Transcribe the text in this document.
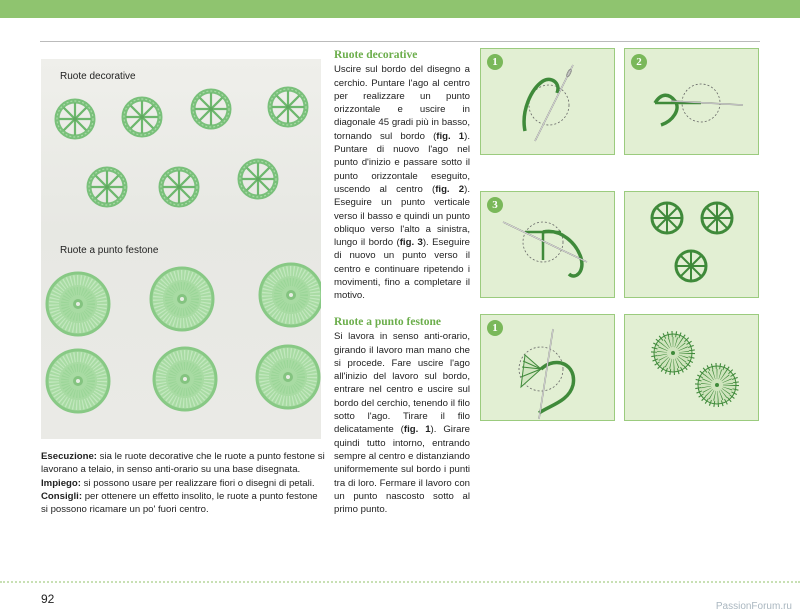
Ruote decorative
Ruote a punto festone
Esecuzione: sia le ruote decorative che le ruote a punto festone si lavorano a telaio, in senso anti-orario su una base disegnata.
Impiego: si possono usare per realizzare fiori o disegni di petali.
Consigli: per ottenere un effetto insolito, le ruote a punto festone si possono ricamare un po' fuori centro.
Ruote decorative
Uscire sul bordo del disegno a cerchio. Puntare l'ago al centro per realizzare un punto orizzontale e uscire in diagonale 45 gradi più in basso, tornando sul bordo (fig. 1). Puntare di nuovo l'ago nel punto d'inizio e passare sotto il punto orizzontale eseguito, uscendo al centro (fig. 2). Eseguire un punto verticale verso il basso e quindi un punto obliquo verso l'alto a sinistra, lungo il bordo (fig. 3). Eseguire di nuovo un punto verso il centro e continuare ripetendo i movimenti, fino a completare il motivo.
Ruote a punto festone
Si lavora in senso anti-orario, girando il lavoro man mano che si procede. Fare uscire l'ago all'inizio del lavoro sul bordo, entrare nel centro e uscire sul bordo del cerchio, tenendo il filo sotto l'ago. Tirare il filo delicatamente (fig. 1). Girare quindi tutto intorno, entrando sempre al centro e distanziando uniformemente sul bordo i punti tra di loro. Fermare il lavoro con un punto nascosto sotto al primo punto.
1	2
3
1
92
PassionForum.ru
